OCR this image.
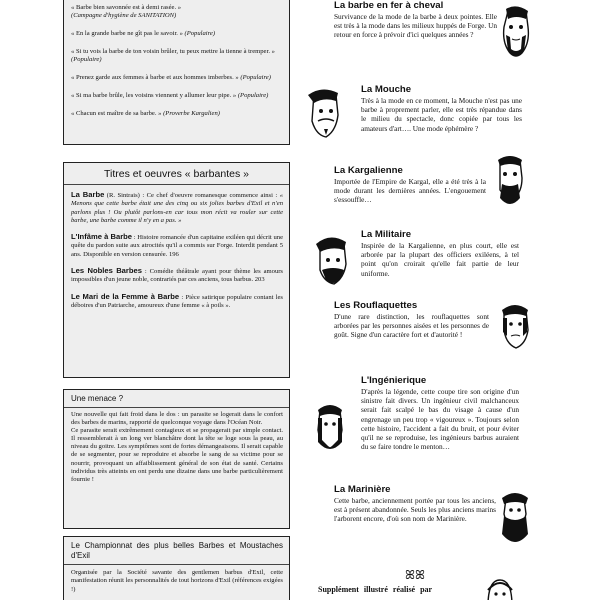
« Barbe bien savonnée est à demi rasée. »
(Campagne d'hygiène de SANITATION)

« En la grande barbe ne gît pas le savoir. » (Populaire)

« Si tu vois la barbe de ton voisin brûler, tu peux mettre la tienne à tremper. » (Populaire)

« Prenez garde aux femmes à barbe et aux hommes imberbes. » (Populaire)

« Si ma barbe brûle, les voisins viennent y allumer leur pipe. » (Populaire)

« Chacun est maître de sa barbe. » (Proverbe Kargalien)

Titres et oeuvres « barbantes »

La Barbe (R. Sintrais) : Ce chef d'oeuvre romanesque commence ainsi : « Menons que cette barbe était une des cinq ou six jolies barbes d'Exil et n'en parlons plus ! Ou plutôt parlons-en car tous mon récit va rouler sur cette barbe, une barbe comme il n'y en a pas. »

L'Infâme à Barbe : Histoire romancée d'un capitaine exiléen qui décrit une quête du pardon suite aux atrocités qu'il a commis sur Forge. Interdit pendant 5 ans. Disponible en version censurée. 196

Les Nobles Barbes : Comédie théâtrale ayant pour thème les amours impossibles d'un jeune noble, contrariés par ces anciens, tous barbus. 203

Le Mari de la Femme à Barbe : Pièce satirique populaire contant les déboires d'un Patriarche, amoureux d'une femme « à poils ».

Une menace ?

Une nouvelle qui fait froid dans le dos : un parasite se logerait dans le confort des barbes de marins, rapporté de quelconque voyage dans l'Océan Noir.

Ce parasite serait extrêmement contagieux et se propagerait par simple contact. Il ressemblerait à un long ver blanchâtre dont la tête se loge sous la peau, au niveau du goitre. Les symptômes sont de fortes démangeaisons. Il serait capable de se segmenter, pour se reproduire et absorbe le sang de sa victime pour se nourrir, provoquant un affaiblissement général de son état de santé. Certains individus très atteints en ont perdu une dizaine dans une barbe particulièrement fournie !

Le Championnat des plus belles Barbes et Moustaches d'Exil

Organisée par la Société savante des gentlemen barbus d'Exil, cette manifestation réunit les personnalités de tout horizons d'Exil (références exigées !)

La barbe en fer à cheval

Survivance de la mode de la barbe à deux pointes. Elle est très à la mode dans les milieux huppés de Forge. Un retour en force à prévoir d'ici quelques années ?

La Mouche

Très à la mode en ce moment, la Mouche n'est pas une barbe à proprement parler, elle est très répandue dans le milieu du spectacle, donc copiée par tous les amateurs d'art…. Une mode éphémère ?

La Kargalienne

Importée de l'Empire de Kargal, elle a été très à la mode durant les dernières années. L'engouement s'essouffle…

La Militaire

Inspirée de la Kargalienne, en plus court, elle est arborée par la plupart des officiers exiléens, à tel point qu'on croirait qu'elle fait partie de leur uniforme.

Les Rouflaquettes

D'une rare distinction, les rouflaquettes sont arborées par les personnes aisées et les personnes de goût. Signe d'un caractère fort et d'autorité !

L'Ingénierique

D'après la légende, cette coupe tire son origine d'un sinistre fait divers. Un ingénieur civil malchanceux serait fait scalpé le bas du visage à cause d'un engrenage un peu trop « vigoureux ». Toujours selon cette histoire, l'accident a fait du bruit, et pour éviter qu'il ne se reproduise, les ingénieurs barbus auraient du se faire tondre le menton…

La Marinière

Cette barbe, anciennement portée par tous les anciens, est à présent abandonnée. Seuls les plus anciens marins l'arborent encore, d'où son nom de Marinière.

ꕤꕤ
Supplément illustré réalisé par
